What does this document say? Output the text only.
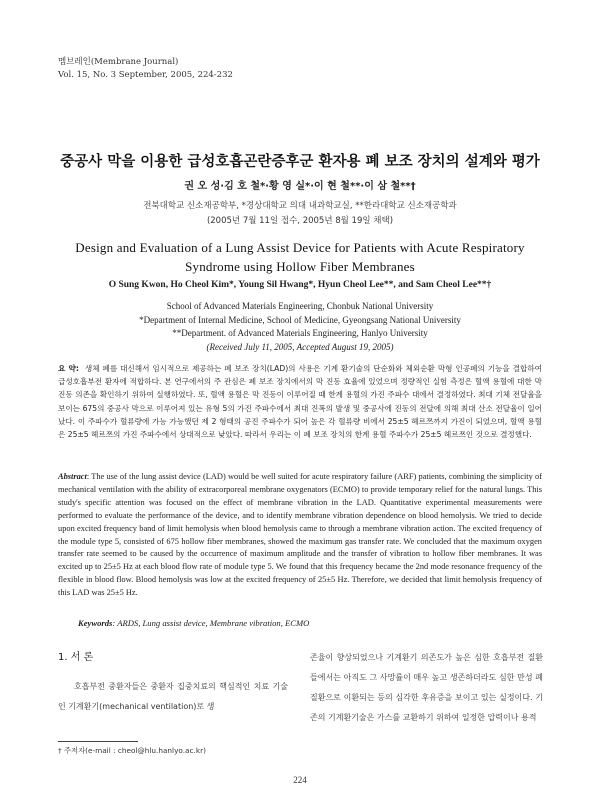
멤브레인(Membrane Journal)
Vol. 15, No. 3 September, 2005, 224-232
중공사 막을 이용한 급성호흡곤란증후군 환자용 폐 보조 장치의 설계와 평가
권 오 성·김 호 철*·황 영 실*·이 현 철**·이 삼 철**†
전북대학교 신소재공학부, *경상대학교 의대 내과학교실, **한라대학교 신소재공학과
(2005년 7월 11일 접수, 2005년 8월 19일 채택)
Design and Evaluation of a Lung Assist Device for Patients with Acute Respiratory Syndrome using Hollow Fiber Membranes
O Sung Kwon, Ho Cheol Kim*, Young Sil Hwang*, Hyun Cheol Lee**, and Sam Cheol Lee**†
School of Advanced Materials Engineering, Chonbuk National University
*Department of Internal Medicine, School of Medicine, Gyeongsang National University
**Department. of Advanced Materials Engineering, Hanlyo University
(Received July 11, 2005, Accepted August 19, 2005)
요 약: 생체 폐를 대신해서 임시적으로 제공하는 폐 보조 장치(LAD)의 사용은 기계 환기술의 단순화와 체외순환 막형 인공폐의 기능을 결합하여 급성호흡부전 환자에 적합하다. 본 연구에서의 주 관심은 폐 보조 장치에서의 막 진동 효율에 있었으며 정량적인 실험 측정은 혈액 용혈에 대한 막 진동 의존을 확인하기 위하여 실행하였다. 또, 혈액 용혈은 막 진동이 이루어질 때 한계 용혈의 가진 주파수 대에서 결정하였다. 최대 기체 전달율을 보이는 675의 중공사 막으로 이루어져 있는 유형 5의 가진 주파수에서 최대 진폭의 발생 및 중공사에 진동의 전달에 의해 최대 산소 전달율이 일어났다. 이 주파수가 혈류량에 가능 가능했던 제 2 형태의 공진 주파수가 되어 높은 각 혈류량 비에서 25±5 헤르쯔까지 가진이 되었으며, 혈액 용혈은 25±5 헤르쯔의 가진 주파수에서 상대적으로 낮았다. 따라서 우리는 이 폐 보조 장치의 한계 용혈 주파수가 25±5 헤르쯔인 것으로 결정했다.
Abstract: The use of the lung assist device (LAD) would be well suited for acute respiratory failure (ARF) patients, combining the simplicity of mechanical ventilation with the ability of extracorporeal membrane oxygenators (ECMO) to provide temporary relief for the natural lungs. This study's specific attention was focused on the effect of membrane vibration in the LAD. Quantitative experimental measurements were performed to evaluate the performance of the device, and to identify membrane vibration dependence on blood hemolysis. We tried to decide upon excited frequency band of limit hemolysis when blood hemolysis came to through a membrane vibration action. The excited frequency of the module type 5, consisted of 675 hollow fiber membranes, showed the maximum gas transfer rate. We concluded that the maximum oxygen transfer rate seemed to be caused by the occurrence of maximum amplitude and the transfer of vibration to hollow fiber membranes. It was excited up to 25±5 Hz at each blood flow rate of module type 5. We found that this frequency became the 2nd mode resonance frequency of the flexible in blood flow. Blood hemolysis was low at the excited frequency of 25±5 Hz. Therefore, we decided that limit hemolysis frequency of this LAD was 25±5 Hz.
Keywords: ARDS, Lung assist device, Membrane vibration, ECMO
1. 서 론
호흡부전 중환자들은 중환자 집중치료의 핵심적인 치료 기술인 기계환기(mechanical ventilation)로 생
존율이 향상되었으나 기계환기 의존도가 높은 심한 호흡부전 질환들에서는 아직도 그 사망률이 매우 높고 생존하더라도 심한 만성 폐질환으로 이환되는 등의 심각한 후유증을 보이고 있는 실정이다. 기존의 기계환기술은 가스를 교환하기 위하여 일정한 압력이나 용적
† 주저자(e-mail : cheol@hlu.hanlyo.ac.kr)
224
